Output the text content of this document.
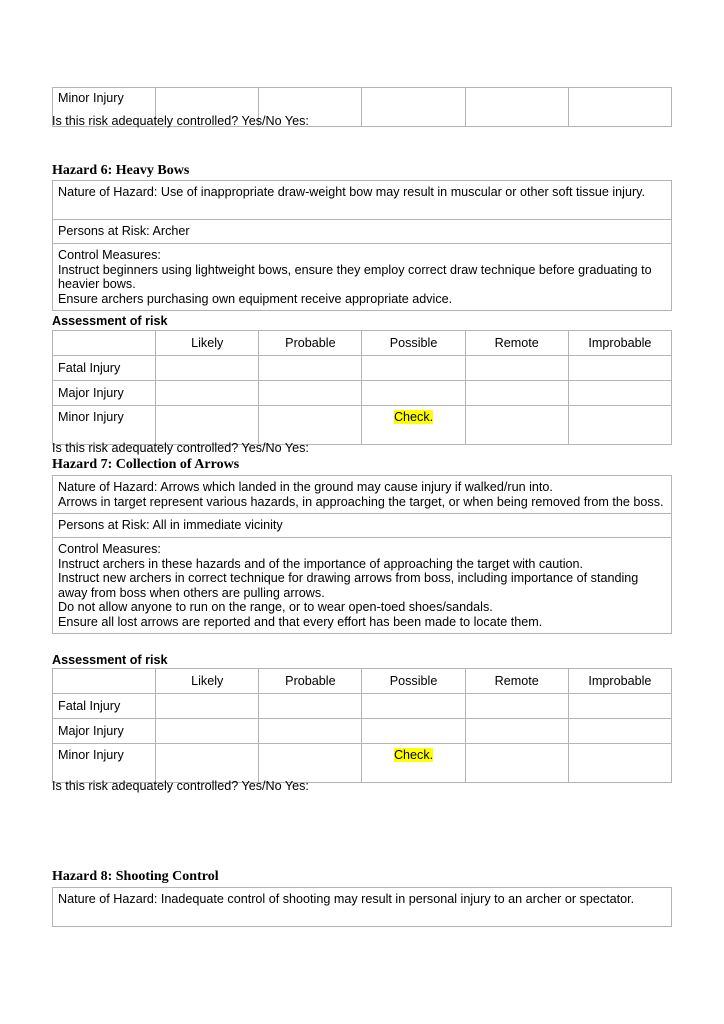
Minor Injury					
Is this risk adequately controlled? Yes/No Yes:
Hazard 6: Heavy Bows
Nature of Hazard: Use of inappropriate draw-weight bow may result in muscular or other soft tissue injury.
Persons at Risk: Archer
Control Measures:
Instruct beginners using lightweight bows, ensure they employ correct draw technique before graduating to heavier bows.
Ensure archers purchasing own equipment receive appropriate advice.
Assessment of risk
	Likely	Probable	Possible	Remote	Improbable
Fatal Injury					
Major Injury					
Minor Injury			Check.		
Is this risk adequately controlled? Yes/No Yes:
Hazard 7: Collection of Arrows
Nature of Hazard: Arrows which landed in the ground may cause injury if walked/run into.
Arrows in target represent various hazards, in approaching the target, or when being removed from the boss.
Persons at Risk: All in immediate vicinity
Control Measures:
Instruct archers in these hazards and of the importance of approaching the target with caution.
Instruct new archers in correct technique for drawing arrows from boss, including importance of standing away from boss when others are pulling arrows.
Do not allow anyone to run on the range, or to wear open-toed shoes/sandals.
Ensure all lost arrows are reported and that every effort has been made to locate them.
Assessment of risk
	Likely	Probable	Possible	Remote	Improbable
Fatal Injury					
Major Injury					
Minor Injury			Check.		
Is this risk adequately controlled? Yes/No Yes:
Hazard 8: Shooting Control
Nature of Hazard: Inadequate control of shooting may result in personal injury to an archer or spectator.
